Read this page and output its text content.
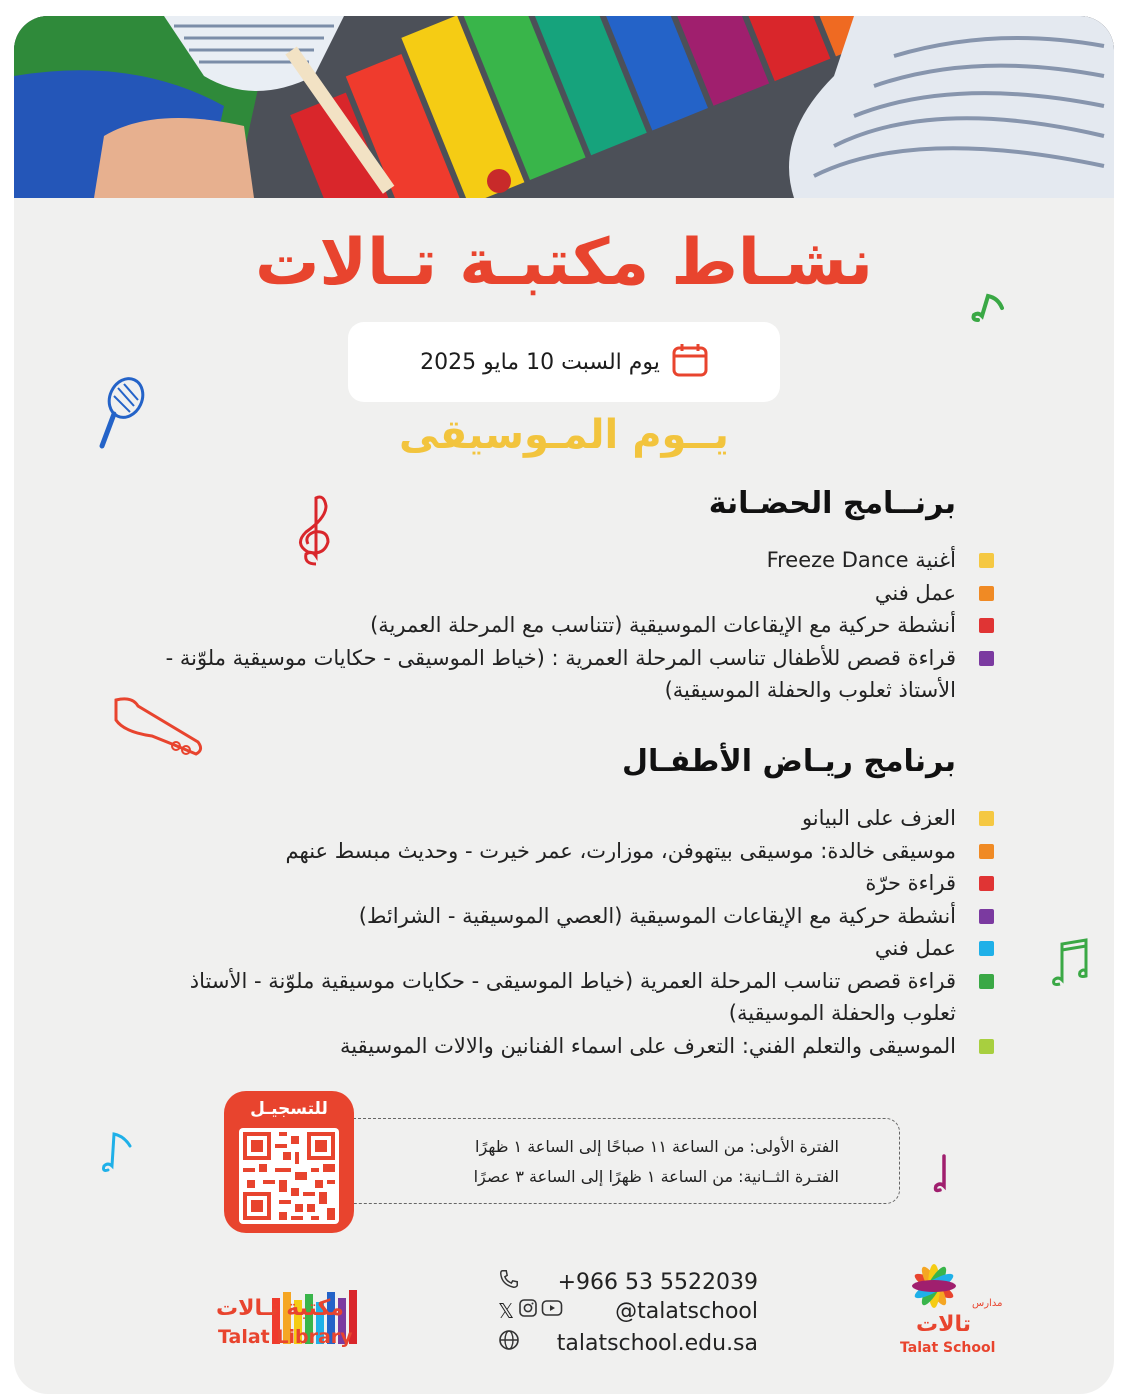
نشـاط مكتبـة تـالات
يوم السبت 10 مايو 2025
يــوم المـوسيقى
برنــامج الحضـانة
أغنية Freeze Dance
عمل فني
أنشطة حركية مع الإيقاعات الموسيقية (تتناسب مع المرحلة العمرية)
قراءة قصص للأطفال تناسب المرحلة العمرية : (خياط الموسيقى - حكايات موسيقية ملوّنة - الأستاذ ثعلوب والحفلة الموسيقية)
برنامج ريـاض الأطفـال
العزف على البيانو
موسيقى خالدة: موسيقى بيتهوفن، موزارت، عمر خيرت - وحديث مبسط عنهم
قراءة حرّة
أنشطة حركية مع الإيقاعات الموسيقية (العصي الموسيقية - الشرائط)
عمل فني
قراءة قصص تناسب المرحلة العمرية (خياط الموسيقى - حكايات موسيقية ملوّنة - الأستاذ ثعلوب والحفلة الموسيقية)
الموسيقى والتعلم الفني: التعرف على اسماء الفنانين والالات الموسيقية
الفترة الأولى: من الساعة ١١ صباحًا إلى الساعة ١ ظهرًا
الفتـرة الثــانية: من الساعة ١ ظهرًا إلى الساعة ٣ عصرًا
للتسجيـل
+966 53 5522039
𝕏	@talatschool
talatschool.edu.sa
مكتبة تـالات
Talat Library
مدارس
تالات
Talat School
